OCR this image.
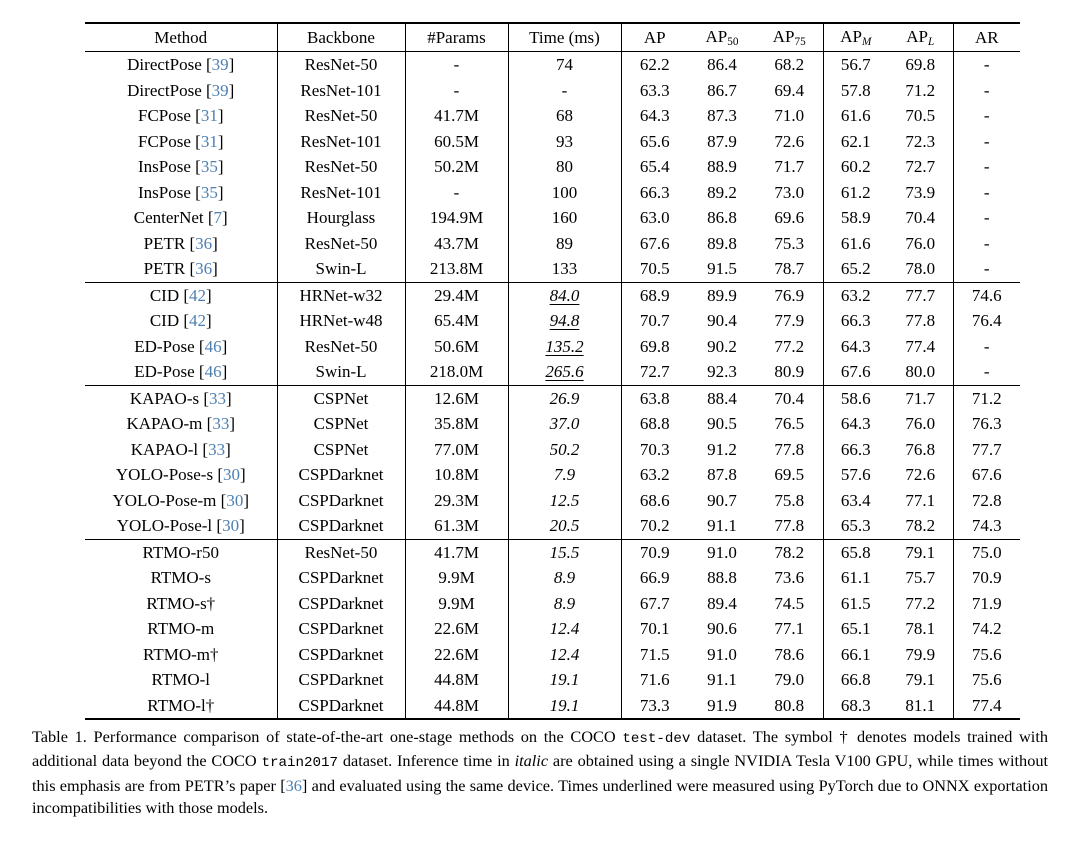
Method	Backbone	#Params	Time (ms)	AP	$AP_{50}$	$AP_{75}$	$AP_M$	$AP_L$	AR
DirectPose [39]	ResNet-50	-	74	62.2	86.4	68.2	56.7	69.8	-
DirectPose [39]	ResNet-101	-	-	63.3	86.7	69.4	57.8	71.2	-
FCPose [31]	ResNet-50	41.7M	68	64.3	87.3	71.0	61.6	70.5	-
FCPose [31]	ResNet-101	60.5M	93	65.6	87.9	72.6	62.1	72.3	-
InsPose [35]	ResNet-50	50.2M	80	65.4	88.9	71.7	60.2	72.7	-
InsPose [35]	ResNet-101	-	100	66.3	89.2	73.0	61.2	73.9	-
CenterNet [7]	Hourglass	194.9M	160	63.0	86.8	69.6	58.9	70.4	-
PETR [36]	ResNet-50	43.7M	89	67.6	89.8	75.3	61.6	76.0	-
PETR [36]	Swin-L	213.8M	133	70.5	91.5	78.7	65.2	78.0	-
CID [42]	HRNet-w32	29.4M	84.0	68.9	89.9	76.9	63.2	77.7	74.6
CID [42]	HRNet-w48	65.4M	94.8	70.7	90.4	77.9	66.3	77.8	76.4
ED-Pose [46]	ResNet-50	50.6M	135.2	69.8	90.2	77.2	64.3	77.4	-
ED-Pose [46]	Swin-L	218.0M	265.6	72.7	92.3	80.9	67.6	80.0	-
KAPAO-s [33]	CSPNet	12.6M	26.9	63.8	88.4	70.4	58.6	71.7	71.2
KAPAO-m [33]	CSPNet	35.8M	37.0	68.8	90.5	76.5	64.3	76.0	76.3
KAPAO-l [33]	CSPNet	77.0M	50.2	70.3	91.2	77.8	66.3	76.8	77.7
YOLO-Pose-s [30]	CSPDarknet	10.8M	7.9	63.2	87.8	69.5	57.6	72.6	67.6
YOLO-Pose-m [30]	CSPDarknet	29.3M	12.5	68.6	90.7	75.8	63.4	77.1	72.8
YOLO-Pose-l [30]	CSPDarknet	61.3M	20.5	70.2	91.1	77.8	65.3	78.2	74.3
RTMO-r50	ResNet-50	41.7M	15.5	70.9	91.0	78.2	65.8	79.1	75.0
RTMO-s	CSPDarknet	9.9M	8.9	66.9	88.8	73.6	61.1	75.7	70.9
RTMO-s†	CSPDarknet	9.9M	8.9	67.7	89.4	74.5	61.5	77.2	71.9
RTMO-m	CSPDarknet	22.6M	12.4	70.1	90.6	77.1	65.1	78.1	74.2
RTMO-m†	CSPDarknet	22.6M	12.4	71.5	91.0	78.6	66.1	79.9	75.6
RTMO-l	CSPDarknet	44.8M	19.1	71.6	91.1	79.0	66.8	79.1	75.6
RTMO-l†	CSPDarknet	44.8M	19.1	73.3	91.9	80.8	68.3	81.1	77.4

Table 1. Performance comparison of state-of-the-art one-stage methods on the COCO test-dev dataset. The symbol † denotes models trained with additional data beyond the COCO train2017 dataset. Inference time in italic are obtained using a single NVIDIA Tesla V100 GPU, while times without this emphasis are from PETR’s paper [36] and evaluated using the same device. Times underlined were measured using PyTorch due to ONNX exportation incompatibilities with those models.
